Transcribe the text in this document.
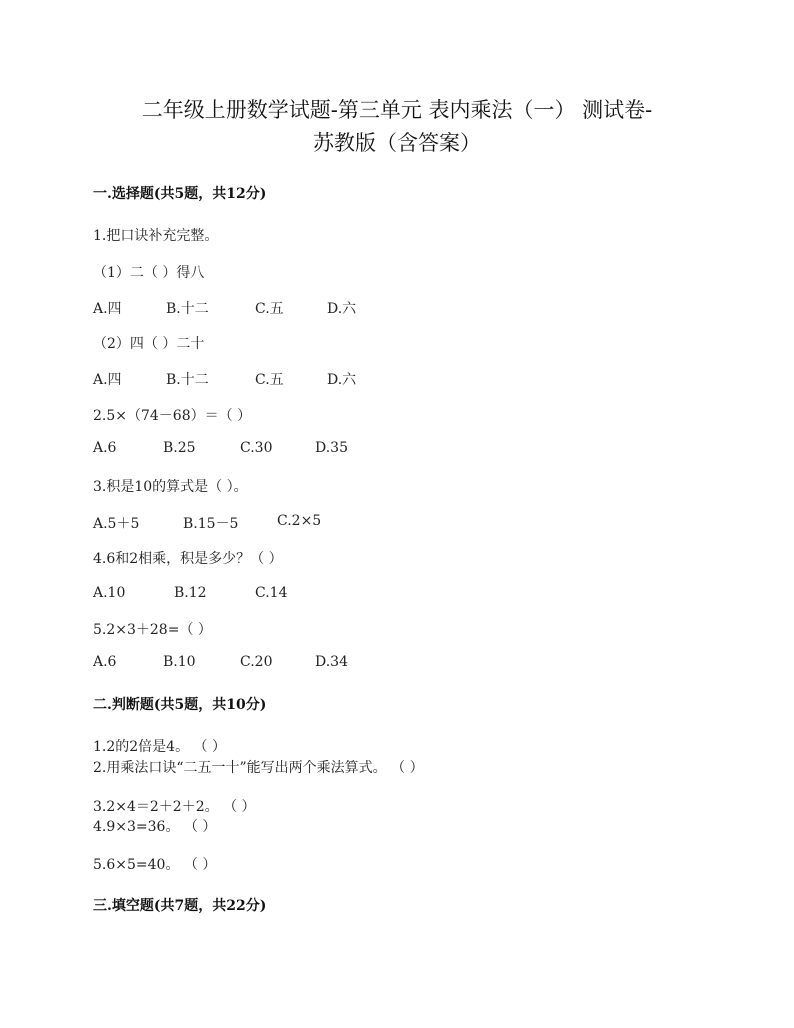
二年级上册数学试题-第三单元 表内乘法（一） 测试卷-
苏教版（含答案）
一.选择题(共5题，共12分)
1.把口诀补充完整。
（1）二（ ）得八
A.四	B.十二	C.五	D.六
（2）四（ ）二十
A.四	B.十二	C.五	D.六
2.5×（74－68）＝（ ）
A.6	B.25	C.30	D.35
3.积是10的算式是（ ）。
A.5＋5	B.15－5	C.2×5
4.6和2相乘，积是多少？（ ）
A.10	B.12	C.14
5.2×3＋28=（ ）
A.6	B.10	C.20	D.34
二.判断题(共5题，共10分)
1.2的2倍是4。 （ ）
2.用乘法口诀“二五一十”能写出两个乘法算式。 （ ）
3.2×4＝2＋2＋2。 （ ）
4.9×3=36。 （ ）
5.6×5=40。 （ ）
三.填空题(共7题，共22分)
